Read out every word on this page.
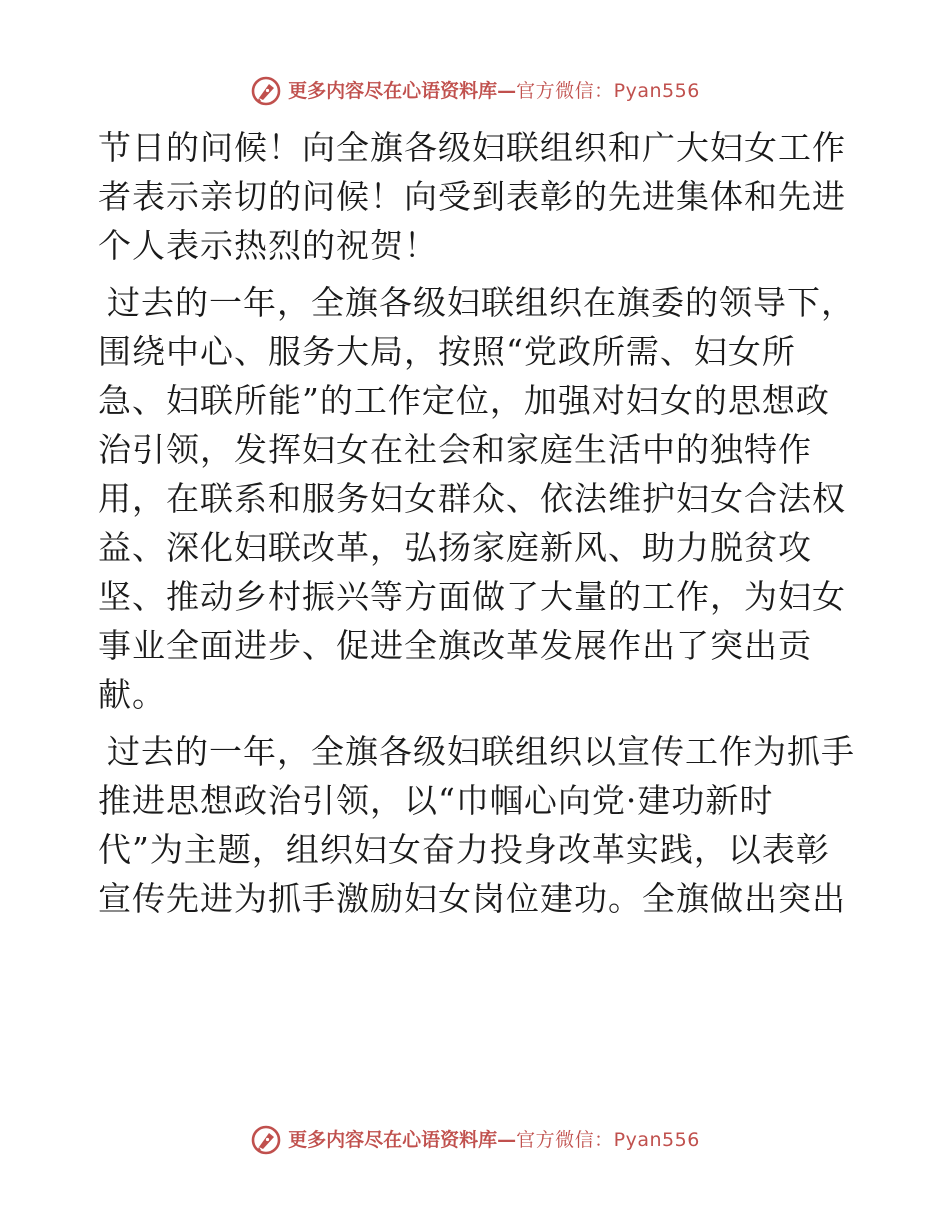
更多内容尽在心语资料库 — 官方微信：Pyan556

节日的问候！向全旗各级妇联组织和广大妇女工作者表示亲切的问候！向受到表彰的先进集体和先进个人表示热烈的祝贺！

过去的一年，全旗各级妇联组织在旗委的领导下，围绕中心、服务大局，按照“党政所需、妇女所急、妇联所能”的工作定位，加强对妇女的思想政治引领，发挥妇女在社会和家庭生活中的独特作用，在联系和服务妇女群众、依法维护妇女合法权益、深化妇联改革，弘扬家庭新风、助力脱贫攻坚、推动乡村振兴等方面做了大量的工作，为妇女事业全面进步、促进全旗改革发展作出了突出贡献。

过去的一年，全旗各级妇联组织以宣传工作为抓手推进思想政治引领，以“巾帼心向党·建功新时代”为主题，组织妇女奋力投身改革实践，以表彰宣传先进为抓手激励妇女岗位建功。全旗做出突出

更多内容尽在心语资料库 — 官方微信：Pyan556
